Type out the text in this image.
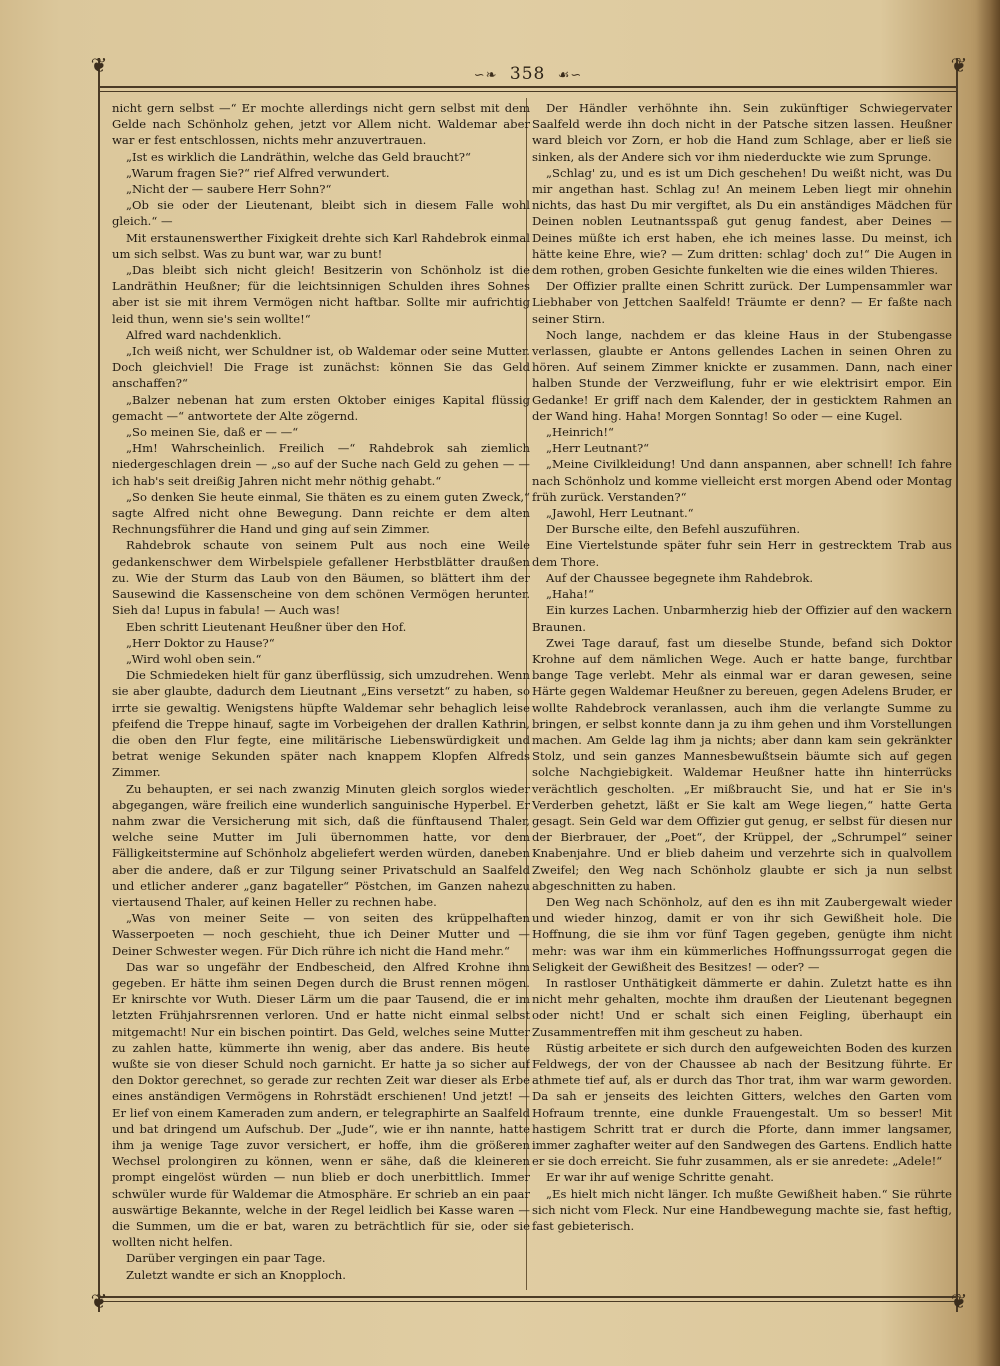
❦	❦
❦	❦
∽❧ 358 ☙∽

nicht gern selbst —“ Er mochte allerdings nicht gern selbst mit dem Gelde nach Schönholz gehen, jetzt vor Allem nicht. Waldemar aber war er fest entschlossen, nichts mehr anzuvertrauen.

„Ist es wirklich die Landräthin, welche das Geld braucht?“

„Warum fragen Sie?“ rief Alfred verwundert.

„Nicht der — saubere Herr Sohn?“

„Ob sie oder der Lieutenant, bleibt sich in diesem Falle wohl gleich.“ —

Mit erstaunenswerther Fixigkeit drehte sich Karl Rahdebrok einmal um sich selbst. Was zu bunt war, war zu bunt!

„Das bleibt sich nicht gleich! Besitzerin von Schönholz ist die Landräthin Heußner; für die leichtsinnigen Schulden ihres Sohnes aber ist sie mit ihrem Vermögen nicht haftbar. Sollte mir aufrichtig leid thun, wenn sie's sein wollte!“

Alfred ward nachdenklich.

„Ich weiß nicht, wer Schuldner ist, ob Waldemar oder seine Mutter. Doch gleichviel! Die Frage ist zunächst: können Sie das Geld anschaffen?“

„Balzer nebenan hat zum ersten Oktober einiges Kapital flüssig gemacht —“ antwortete der Alte zögernd.

„So meinen Sie, daß er — —“

„Hm! Wahrscheinlich. Freilich —“ Rahdebrok sah ziemlich niedergeschlagen drein — „so auf der Suche nach Geld zu gehen — — ich hab's seit dreißig Jahren nicht mehr nöthig gehabt.“

„So denken Sie heute einmal, Sie thäten es zu einem guten Zweck,“ sagte Alfred nicht ohne Bewegung. Dann reichte er dem alten Rechnungsführer die Hand und ging auf sein Zimmer.

Rahdebrok schaute von seinem Pult aus noch eine Weile gedankenschwer dem Wirbelspiele gefallener Herbstblätter draußen zu. Wie der Sturm das Laub von den Bäumen, so blättert ihm der Sausewind die Kassenscheine von dem schönen Vermögen herunter. Sieh da! Lupus in fabula! — Auch was!

Eben schritt Lieutenant Heußner über den Hof.

„Herr Doktor zu Hause?“

„Wird wohl oben sein.“

Die Schmiedeken hielt für ganz überflüssig, sich umzudrehen. Wenn sie aber glaubte, dadurch dem Lieutnant „Eins versetzt“ zu haben, so irrte sie gewaltig. Wenigstens hüpfte Waldemar sehr behaglich leise pfeifend die Treppe hinauf, sagte im Vorbeigehen der drallen Kathrin, die oben den Flur fegte, eine militärische Liebenswürdigkeit und betrat wenige Sekunden später nach knappem Klopfen Alfreds Zimmer.

Zu behaupten, er sei nach zwanzig Minuten gleich sorglos wieder abgegangen, wäre freilich eine wunderlich sanguinische Hyperbel. Er nahm zwar die Versicherung mit sich, daß die fünftausend Thaler, welche seine Mutter im Juli übernommen hatte, vor dem Fälligkeitstermine auf Schönholz abgeliefert werden würden, daneben aber die andere, daß er zur Tilgung seiner Privatschuld an Saalfeld und etlicher anderer „ganz bagateller“ Pöstchen, im Ganzen nahezu viertausend Thaler, auf keinen Heller zu rechnen habe.

„Was von meiner Seite — von seiten des krüppelhaften Wasserpoeten — noch geschieht, thue ich Deiner Mutter und — Deiner Schwester wegen. Für Dich rühre ich nicht die Hand mehr.“

Das war so ungefähr der Endbescheid, den Alfred Krohne ihm gegeben. Er hätte ihm seinen Degen durch die Brust rennen mögen. Er knirschte vor Wuth. Dieser Lärm um die paar Tausend, die er im letzten Frühjahrsrennen verloren. Und er hatte nicht einmal selbst mitgemacht! Nur ein bischen pointirt. Das Geld, welches seine Mutter zu zahlen hatte, kümmerte ihn wenig, aber das andere. Bis heute wußte sie von dieser Schuld noch garnicht. Er hatte ja so sicher auf den Doktor gerechnet, so gerade zur rechten Zeit war dieser als Erbe eines anständigen Vermögens in Rohrstädt erschienen! Und jetzt! — Er lief von einem Kameraden zum andern, er telegraphirte an Saalfeld und bat dringend um Aufschub. Der „Jude“, wie er ihn nannte, hatte ihm ja wenige Tage zuvor versichert, er hoffe, ihm die größeren Wechsel prolongiren zu können, wenn er sähe, daß die kleineren prompt eingelöst würden — nun blieb er doch unerbittlich. Immer schwüler wurde für Waldemar die Atmosphäre. Er schrieb an ein paar auswärtige Bekannte, welche in der Regel leidlich bei Kasse waren — die Summen, um die er bat, waren zu beträchtlich für sie, oder sie wollten nicht helfen.

Darüber vergingen ein paar Tage.

Zuletzt wandte er sich an Knopploch.

Der Händler verhöhnte ihn. Sein zukünftiger Schwiegervater Saalfeld werde ihn doch nicht in der Patsche sitzen lassen. Heußner ward bleich vor Zorn, er hob die Hand zum Schlage, aber er ließ sie sinken, als der Andere sich vor ihm niederduckte wie zum Sprunge.

„Schlag' zu, und es ist um Dich geschehen! Du weißt nicht, was Du mir angethan hast. Schlag zu! An meinem Leben liegt mir ohnehin nichts, das hast Du mir vergiftet, als Du ein anständiges Mädchen für Deinen noblen Leutnantsspaß gut genug fandest, aber Deines — Deines müßte ich erst haben, ehe ich meines lasse. Du meinst, ich hätte keine Ehre, wie? — Zum dritten: schlag' doch zu!“ Die Augen in dem rothen, groben Gesichte funkelten wie die eines wilden Thieres.

Der Offizier prallte einen Schritt zurück. Der Lumpensammler war Liebhaber von Jettchen Saalfeld! Träumte er denn? — Er faßte nach seiner Stirn.

Noch lange, nachdem er das kleine Haus in der Stubengasse verlassen, glaubte er Antons gellendes Lachen in seinen Ohren zu hören. Auf seinem Zimmer knickte er zusammen. Dann, nach einer halben Stunde der Verzweiflung, fuhr er wie elektrisirt empor. Ein Gedanke! Er griff nach dem Kalender, der in gesticktem Rahmen an der Wand hing. Haha! Morgen Sonntag! So oder — eine Kugel.

„Heinrich!“

„Herr Leutnant?“

„Meine Civilkleidung! Und dann anspannen, aber schnell! Ich fahre nach Schönholz und komme vielleicht erst morgen Abend oder Montag früh zurück. Verstanden?“

„Jawohl, Herr Leutnant.“

Der Bursche eilte, den Befehl auszuführen.

Eine Viertelstunde später fuhr sein Herr in gestrecktem Trab aus dem Thore.

Auf der Chaussee begegnete ihm Rahdebrok.

„Haha!“

Ein kurzes Lachen. Unbarmherzig hieb der Offizier auf den wackern Braunen.

Zwei Tage darauf, fast um dieselbe Stunde, befand sich Doktor Krohne auf dem nämlichen Wege. Auch er hatte bange, furchtbar bange Tage verlebt. Mehr als einmal war er daran gewesen, seine Härte gegen Waldemar Heußner zu bereuen, gegen Adelens Bruder, er wollte Rahdebrock veranlassen, auch ihm die verlangte Summe zu bringen, er selbst konnte dann ja zu ihm gehen und ihm Vorstellungen machen. Am Gelde lag ihm ja nichts; aber dann kam sein gekränkter Stolz, und sein ganzes Mannesbewußtsein bäumte sich auf gegen solche Nachgiebigkeit. Waldemar Heußner hatte ihn hinterrücks verächtlich gescholten. „Er mißbraucht Sie, und hat er Sie in's Verderben gehetzt, läßt er Sie kalt am Wege liegen,“ hatte Gerta gesagt. Sein Geld war dem Offizier gut genug, er selbst für diesen nur der Bierbrauer, der „Poet“, der Krüppel, der „Schrumpel“ seiner Knabenjahre. Und er blieb daheim und verzehrte sich in qualvollem Zweifel; den Weg nach Schönholz glaubte er sich ja nun selbst abgeschnitten zu haben.

Den Weg nach Schönholz, auf den es ihn mit Zaubergewalt wieder und wieder hinzog, damit er von ihr sich Gewißheit hole. Die Hoffnung, die sie ihm vor fünf Tagen gegeben, genügte ihm nicht mehr: was war ihm ein kümmerliches Hoffnungssurrogat gegen die Seligkeit der Gewißheit des Besitzes! — oder? —

In rastloser Unthätigkeit dämmerte er dahin. Zuletzt hatte es ihn nicht mehr gehalten, mochte ihm draußen der Lieutenant begegnen oder nicht! Und er schalt sich einen Feigling, überhaupt ein Zusammentreffen mit ihm gescheut zu haben.

Rüstig arbeitete er sich durch den aufgeweichten Boden des kurzen Feldwegs, der von der Chaussee ab nach der Besitzung führte. Er athmete tief auf, als er durch das Thor trat, ihm war warm geworden. Da sah er jenseits des leichten Gitters, welches den Garten vom Hofraum trennte, eine dunkle Frauengestalt. Um so besser! Mit hastigem Schritt trat er durch die Pforte, dann immer langsamer, immer zaghafter weiter auf den Sandwegen des Gartens. Endlich hatte er sie doch erreicht. Sie fuhr zusammen, als er sie anredete: „Adele!“

Er war ihr auf wenige Schritte genaht.

„Es hielt mich nicht länger. Ich mußte Gewißheit haben.“ Sie rührte sich nicht vom Fleck. Nur eine Handbewegung machte sie, fast heftig, fast gebieterisch.
